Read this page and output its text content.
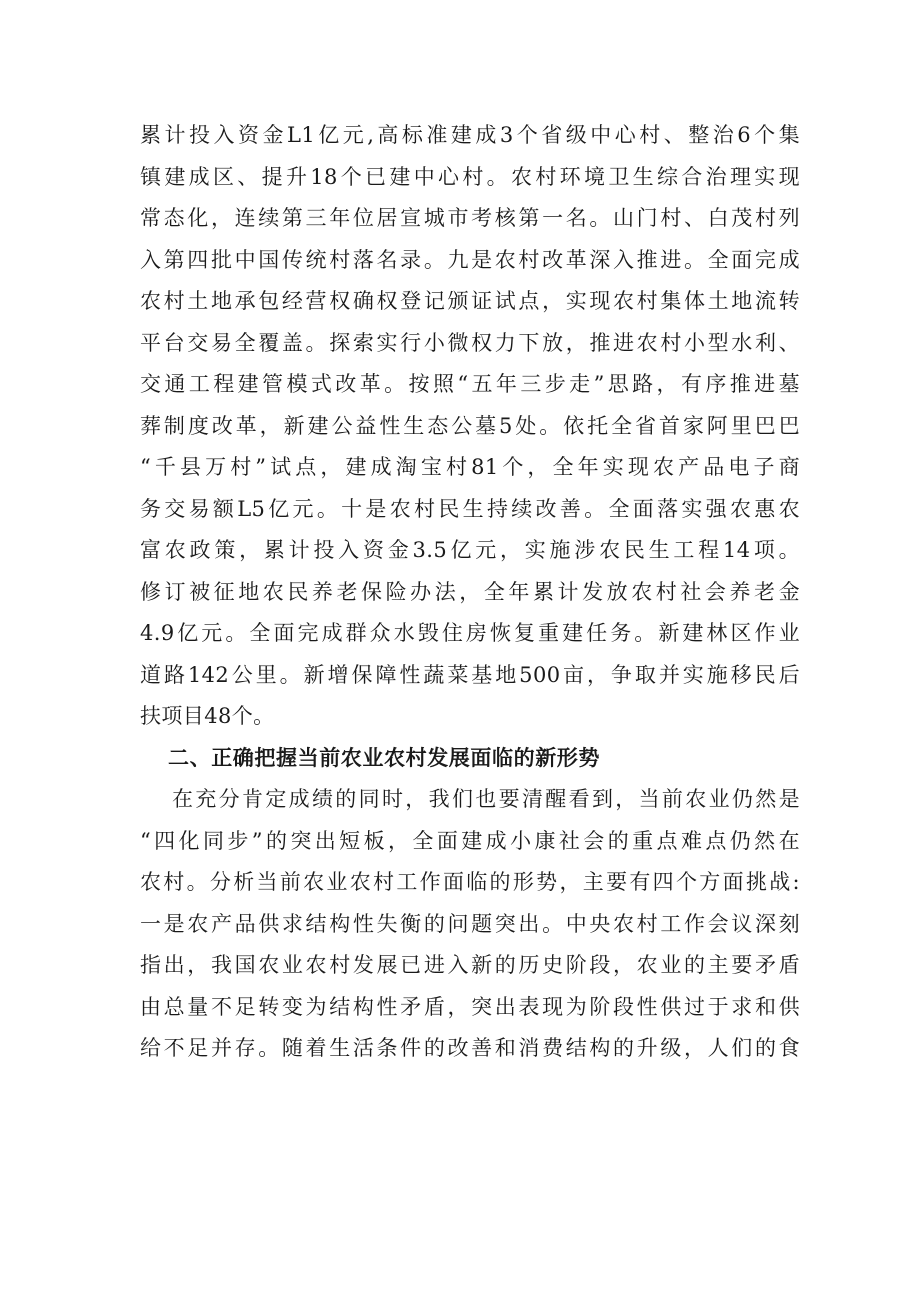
累计投入资金L1亿元,高标准建成3个省级中心村、整治6个集
镇建成区、提升18个已建中心村。农村环境卫生综合治理实现
常态化，连续第三年位居宣城市考核第一名。山门村、白茂村列
入第四批中国传统村落名录。九是农村改革深入推进。全面完成
农村土地承包经营权确权登记颁证试点，实现农村集体土地流转
平台交易全覆盖。探索实行小微权力下放，推进农村小型水利、
交通工程建管模式改革。按照“五年三步走”思路，有序推进墓
葬制度改革，新建公益性生态公墓5处。依托全省首家阿里巴巴
“千县万村”试点，建成淘宝村81个，全年实现农产品电子商
务交易额L5亿元。十是农村民生持续改善。全面落实强农惠农
富农政策，累计投入资金3.5亿元，实施涉农民生工程14项。
修订被征地农民养老保险办法，全年累计发放农村社会养老金
4.9亿元。全面完成群众水毁住房恢复重建任务。新建林区作业
道路142公里。新增保障性蔬菜基地500亩，争取并实施移民后
扶项目48个。
二、正确把握当前农业农村发展面临的新形势
在充分肯定成绩的同时，我们也要清醒看到，当前农业仍然是
“四化同步”的突出短板，全面建成小康社会的重点难点仍然在
农村。分析当前农业农村工作面临的形势，主要有四个方面挑战:
一是农产品供求结构性失衡的问题突出。中央农村工作会议深刻
指出，我国农业农村发展已进入新的历史阶段，农业的主要矛盾
由总量不足转变为结构性矛盾，突出表现为阶段性供过于求和供
给不足并存。随着生活条件的改善和消费结构的升级，人们的食
